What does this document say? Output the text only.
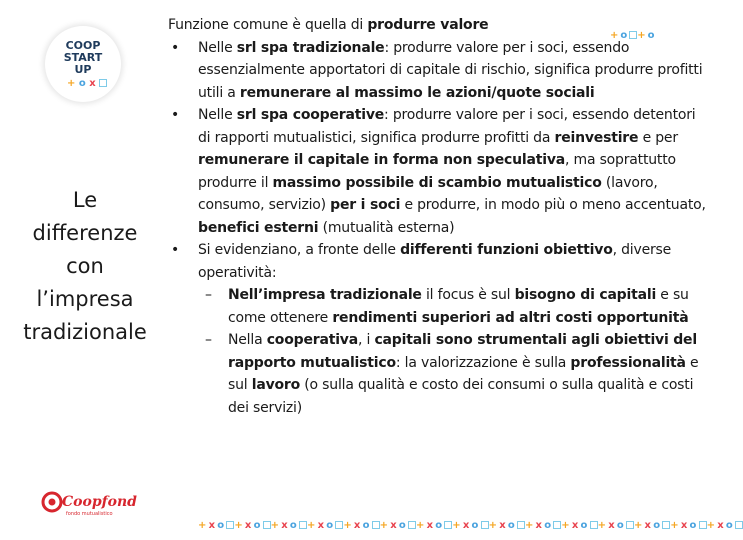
COOP
START
UP
+ o x
Le
differenze
con
l’impresa
tradizionale
+o +o
Funzione comune è quella di produrre valore
• Nelle srl spa tradizionale: produrre valore per i soci, essendo essenzialmente apportatori di capitale di rischio, significa produrre profitti utili a remunerare al massimo le azioni/quote sociali
• Nelle srl spa cooperative: produrre valore per i soci, essendo detentori di rapporti mutualistici, significa produrre profitti da reinvestire e per remunerare il capitale in forma non speculativa, ma soprattutto produrre il massimo possibile di scambio mutualistico (lavoro, consumo, servizio) per i soci e produrre, in modo più o meno accentuato, benefici esterni (mutualità esterna)
• Si evidenziano, a fronte delle differenti funzioni obiettivo, diverse operatività:
– Nell’impresa tradizionale il focus è sul bisogno di capitali e su come ottenere rendimenti superiori ad altri costi opportunità
– Nella cooperativa, i capitali sono strumentali agli obiettivi del rapporto mutualistico: la valorizzazione è sulla professionalità e sul lavoro (o sulla qualità e costo dei consumi o sulla qualità e costi dei servizi)
+xo +xo +xo +xo +xo +xo +xo +xo +xo +xo +xo +xo +xo +xo +xo
Coopfond
fondo mutualistico
